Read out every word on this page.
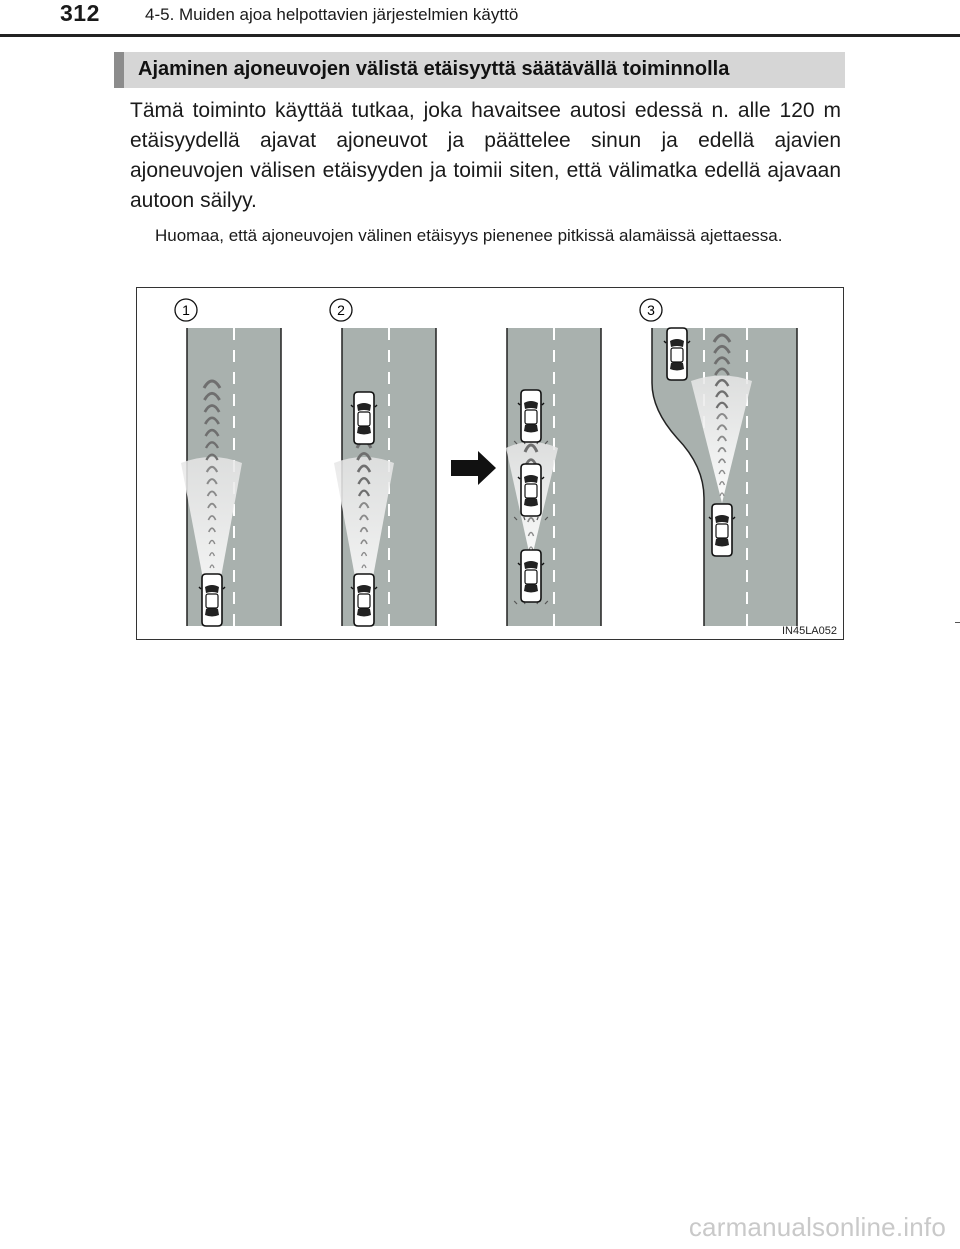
312	4-5. Muiden ajoa helpottavien järjestelmien käyttö
Ajaminen ajoneuvojen välistä etäisyyttä säätävällä toiminnolla

Tämä toiminto käyttää tutkaa, joka havaitsee autosi edessä n. alle 120 m etäisyydellä ajavat ajoneuvot ja päättelee sinun ja edellä ajavien ajoneuvojen välisen etäisyyden ja toimii siten, että välimatka edellä ajavaan autoon säilyy.

Huomaa, että ajoneuvojen välinen etäisyys pienenee pitkissä alamäissä ajettaessa.

1	2	3
IN45LA052
carmanualsonline.info
